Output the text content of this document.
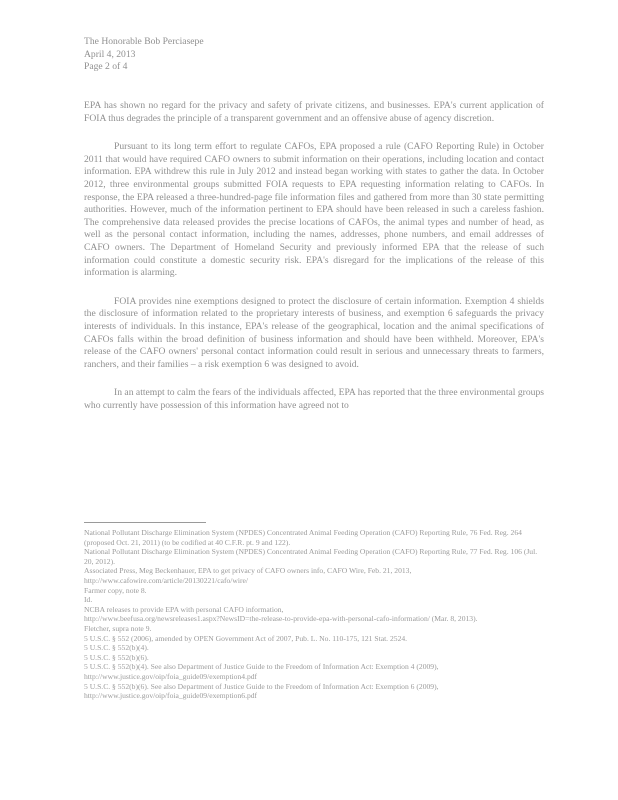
The Honorable Bob Perciasepe
April 4, 2013
Page 2 of 4

EPA has shown no regard for the privacy and safety of private citizens, and businesses. EPA's current application of FOIA thus degrades the principle of a transparent government and an offensive abuse of agency discretion.

Pursuant to its long term effort to regulate CAFOs, EPA proposed a rule (CAFO Reporting Rule) in October 2011 that would have required CAFO owners to submit information on their operations, including location and contact information. EPA withdrew this rule in July 2012 and instead began working with states to gather the data. In October 2012, three environmental groups submitted FOIA requests to EPA requesting information relating to CAFOs. In response, the EPA released a three-hundred-page file information files and gathered from more than 30 state permitting authorities. However, much of the information pertinent to EPA should have been released in such a careless fashion. The comprehensive data released provides the precise locations of CAFOs, the animal types and number of head, as well as the personal contact information, including the names, addresses, phone numbers, and email addresses of CAFO owners. The Department of Homeland Security and previously informed EPA that the release of such information could constitute a domestic security risk. EPA's disregard for the implications of the release of this information is alarming.

FOIA provides nine exemptions designed to protect the disclosure of certain information. Exemption 4 shields the disclosure of information related to the proprietary interests of business, and exemption 6 safeguards the privacy interests of individuals. In this instance, EPA's release of the geographical, location and the animal specifications of CAFOs falls within the broad definition of business information and should have been withheld. Moreover, EPA's release of the CAFO owners' personal contact information could result in serious and unnecessary threats to farmers, ranchers, and their families – a risk exemption 6 was designed to avoid.

In an attempt to calm the fears of the individuals affected, EPA has reported that the three environmental groups who currently have possession of this information have agreed not to

National Pollutant Discharge Elimination System (NPDES) Concentrated Animal Feeding Operation (CAFO) Reporting Rule, 76 Fed. Reg. 264 (proposed Oct. 21, 2011) (to be codified at 40 C.F.R. pt. 9 and 122).
National Pollutant Discharge Elimination System (NPDES) Concentrated Animal Feeding Operation (CAFO) Reporting Rule, 77 Fed. Reg. 106 (Jul. 20, 2012).
Associated Press, Meg Beckenhauer, EPA to get privacy of CAFO owners info, CAFO Wire, Feb. 21, 2013,
http://www.cafowire.com/article/20130221/cafo/wire/
Farmer copy, note 8.
Id.
NCBA releases to provide EPA with personal CAFO information,
http://www.beefusa.org/newsreleases1.aspx?NewsID=the-release-to-provide-epa-with-personal-cafo-information/ (Mar. 8, 2013).
Fletcher, supra note 9.
5 U.S.C. § 552 (2006), amended by OPEN Government Act of 2007, Pub. L. No. 110-175, 121 Stat. 2524.
5 U.S.C. § 552(b)(4).
5 U.S.C. § 552(b)(6).
5 U.S.C. § 552(b)(4). See also Department of Justice Guide to the Freedom of Information Act: Exemption 4 (2009), http://www.justice.gov/oip/foia_guide09/exemption4.pdf
5 U.S.C. § 552(b)(6). See also Department of Justice Guide to the Freedom of Information Act: Exemption 6 (2009), http://www.justice.gov/oip/foia_guide09/exemption6.pdf
